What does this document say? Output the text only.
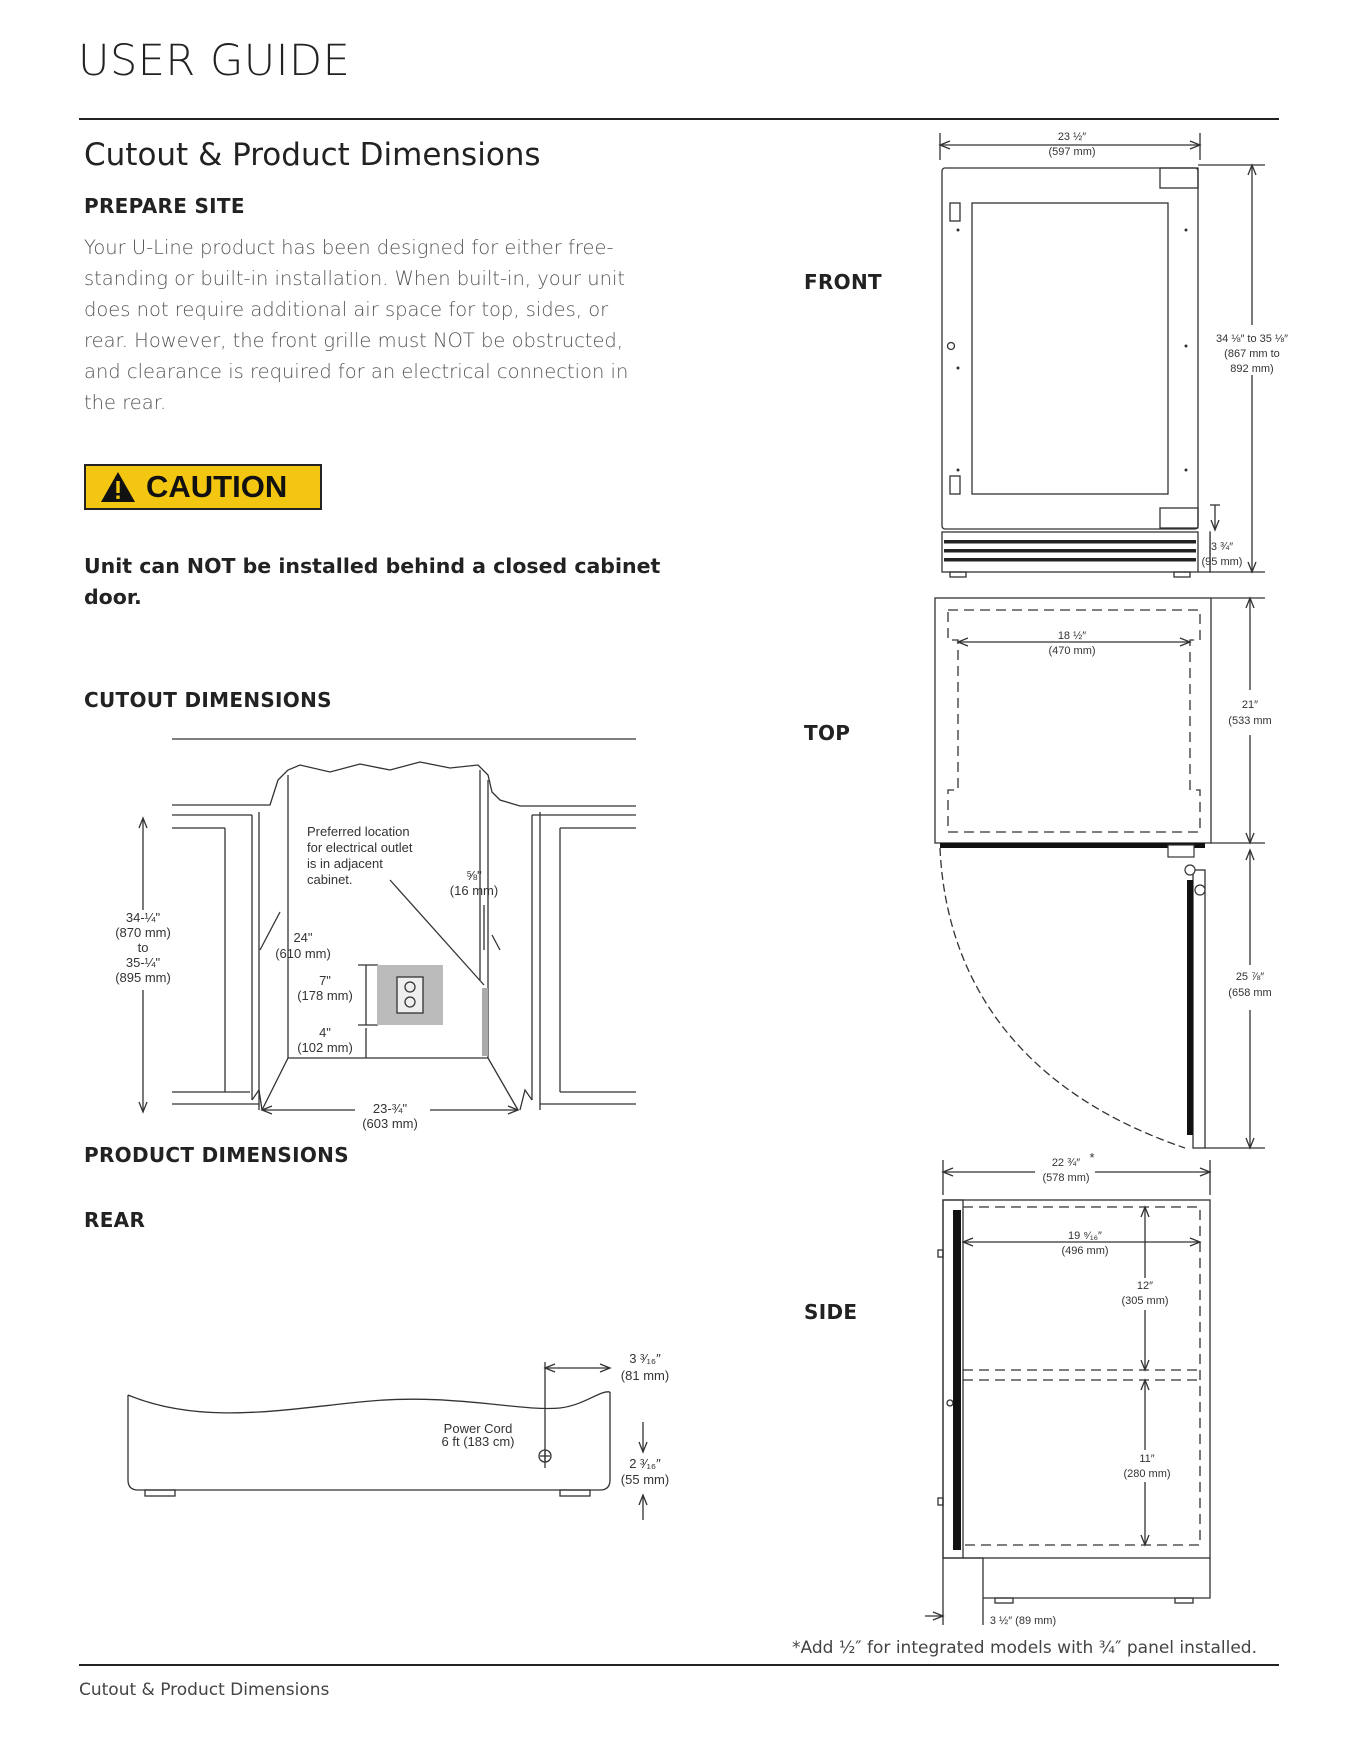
USER GUIDE
Cutout & Product Dimensions
PREPARE SITE
Your U-Line product has been designed for either free-
standing or built-in installation. When built-in, your unit
does not require additional air space for top, sides, or
rear. However, the front grille must NOT be obstructed,
and clearance is required for an electrical connection in
the rear.
CAUTION
Unit can NOT be installed behind a closed cabinet
door.
CUTOUT DIMENSIONS
Preferred location
for electrical outlet
is in adjacent
cabinet.
34-¼"
(870 mm)
to
35-¼"
(895 mm)
24"
(610 mm)
7"
(178 mm)
4"
(102 mm)
23-¾"
(603 mm)
⅝"
(16 mm)
PRODUCT DIMENSIONS
REAR
3 ³⁄₁₆″
(81 mm)
Power Cord
6 ft (183 cm)
2 ³⁄₁₆″
(55 mm)
FRONT
TOP
SIDE
23 ½″
(597 mm)
34 ⅛″ to 35 ⅛″
(867 mm to
892 mm)
3 ¾″
(95 mm)
18 ½″
(470 mm)
21″
(533 mm
25 ⅞″
(658 mm
22 ¾″ *
(578 mm)
19 ⁹⁄₁₆″
(496 mm)
12″
(305 mm)
11″
(280 mm)
3 ½″ (89 mm)
*Add ½″ for integrated models with ¾″ panel installed.
Cutout & Product Dimensions
